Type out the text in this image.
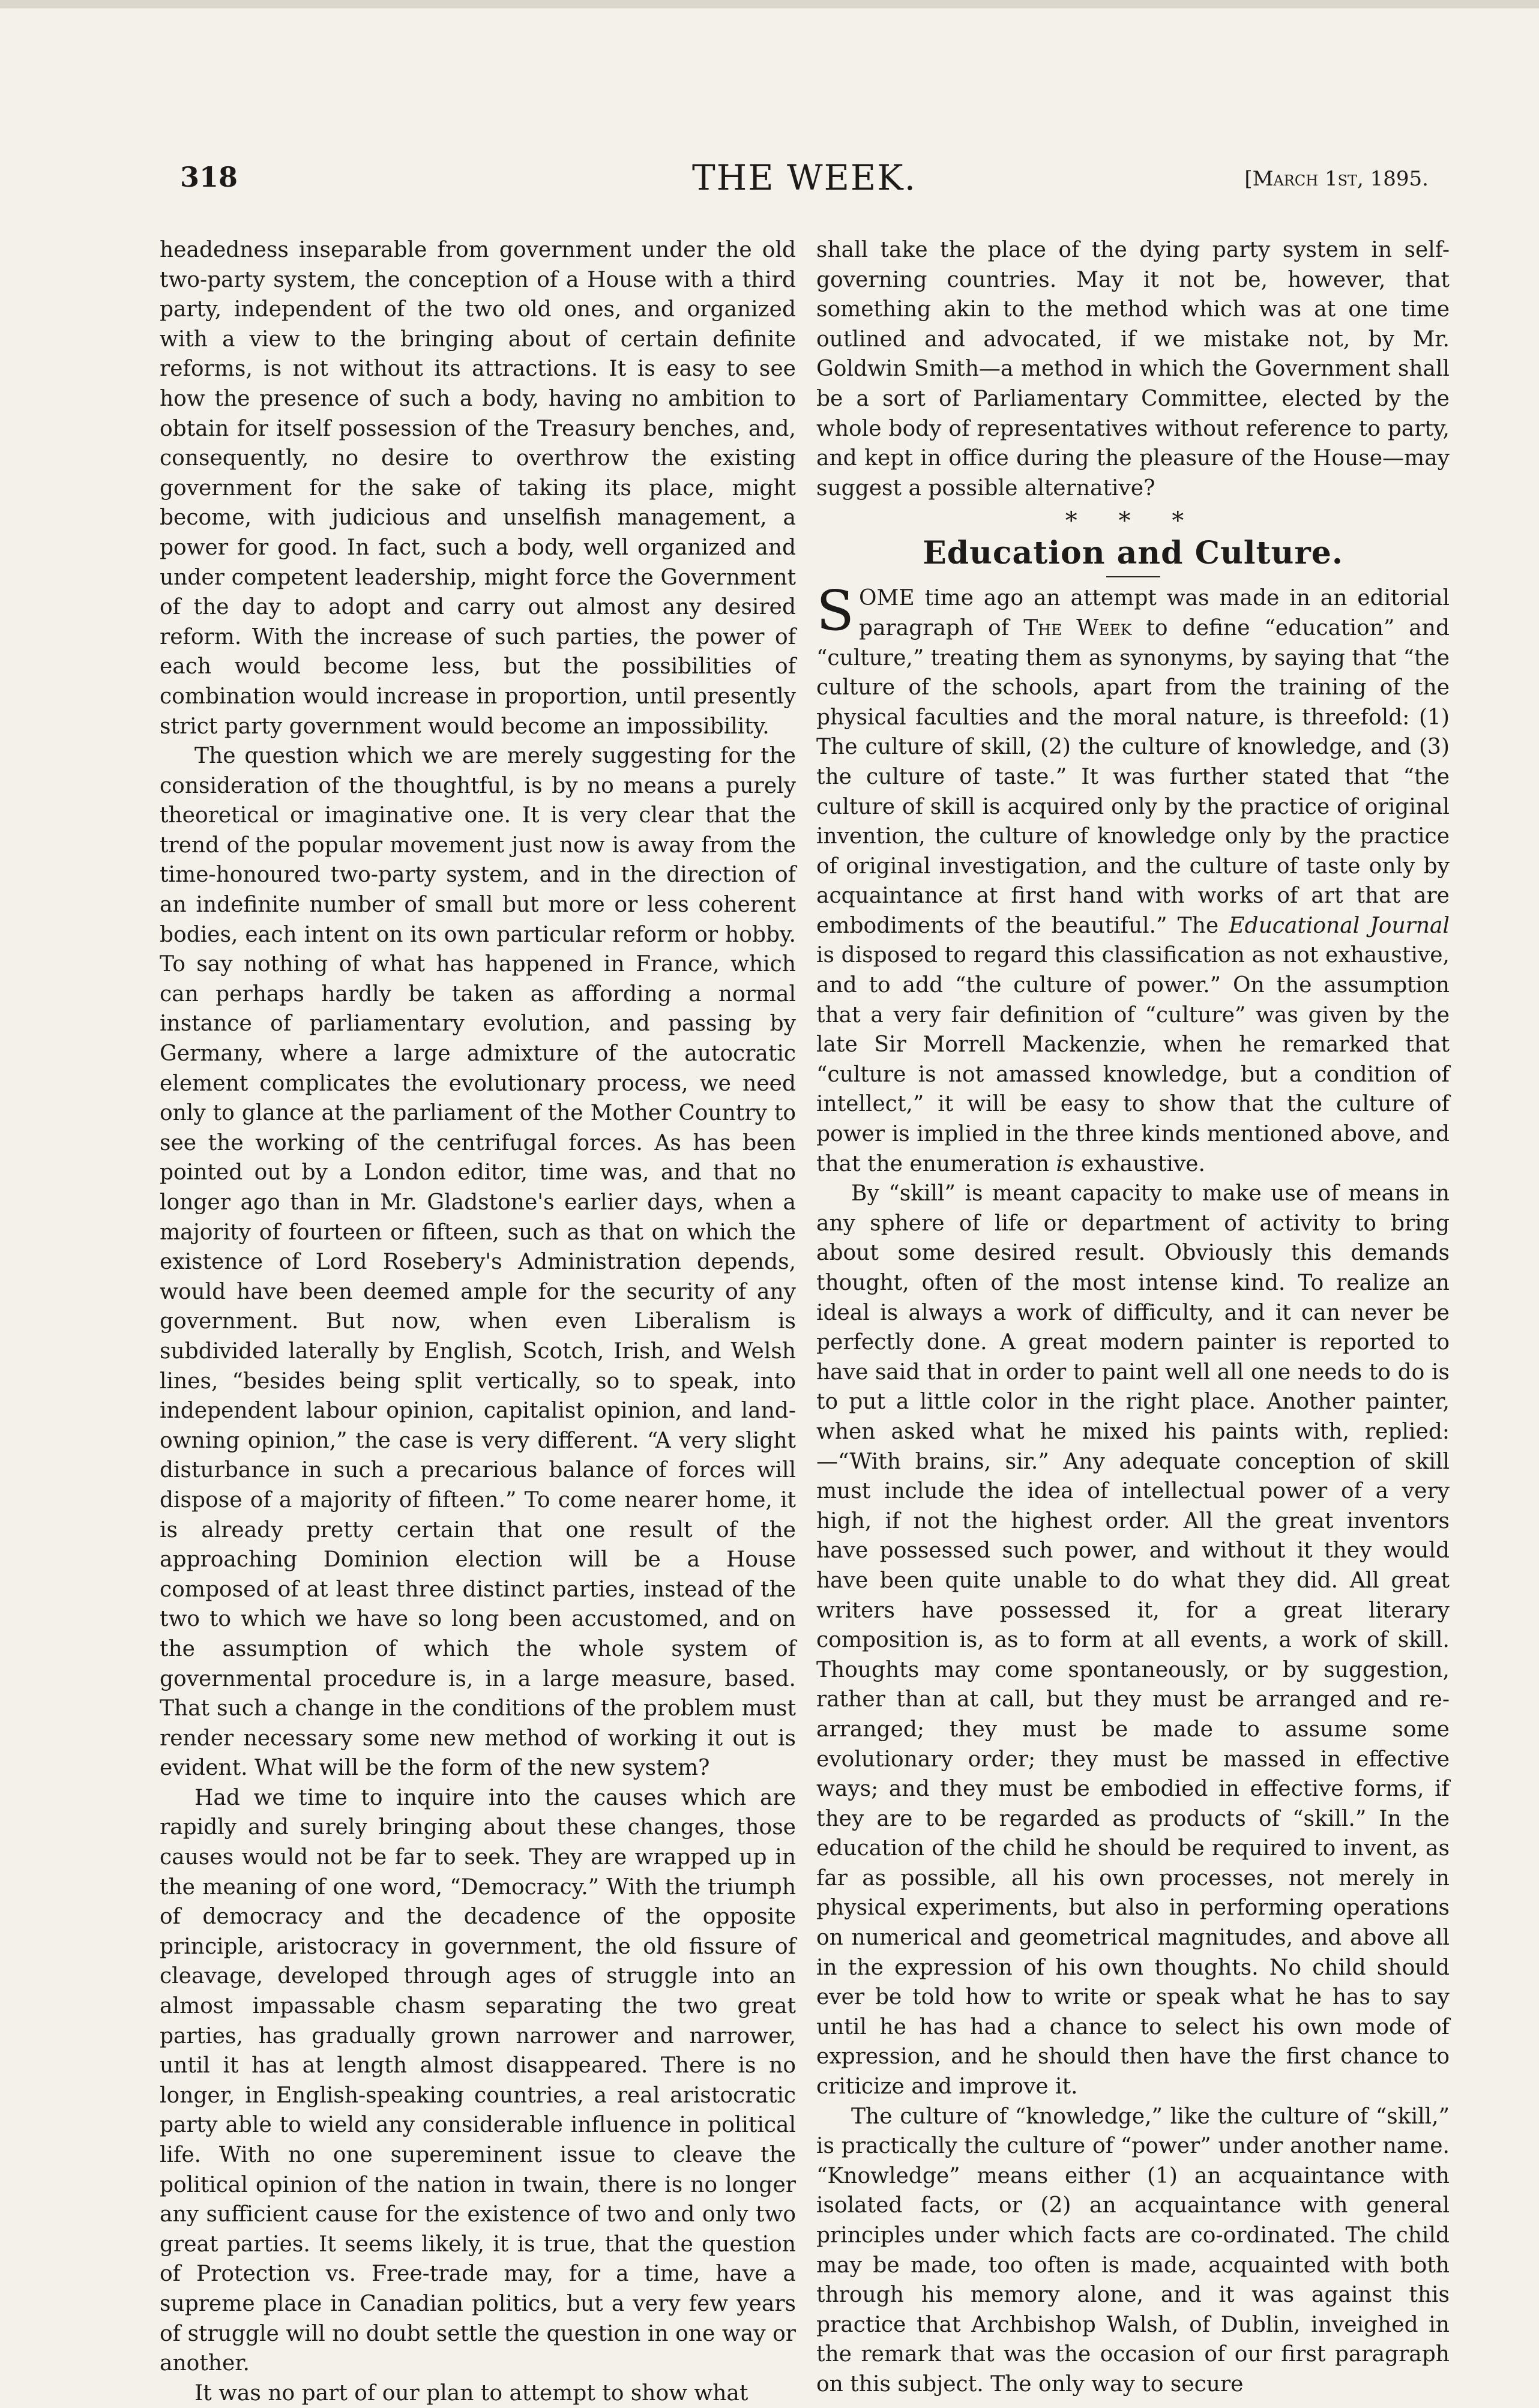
318	THE WEEK.	[March 1st, 1895.

headedness inseparable from government under the old two-party system, the conception of a House with a third party, independent of the two old ones, and organized with a view to the bringing about of certain definite reforms, is not without its attractions. It is easy to see how the presence of such a body, having no ambition to obtain for itself possession of the Treasury benches, and, consequently, no desire to overthrow the existing government for the sake of taking its place, might become, with judicious and unselfish management, a power for good. In fact, such a body, well organized and under competent leadership, might force the Government of the day to adopt and carry out almost any desired reform. With the increase of such parties, the power of each would become less, but the possibilities of combination would increase in proportion, until presently strict party government would become an impossibility.

The question which we are merely suggesting for the consideration of the thoughtful, is by no means a purely theoretical or imaginative one. It is very clear that the trend of the popular movement just now is away from the time-honoured two-party system, and in the direction of an indefinite number of small but more or less coherent bodies, each intent on its own particular reform or hobby. To say nothing of what has happened in France, which can perhaps hardly be taken as affording a normal instance of parliamentary evolution, and passing by Germany, where a large admixture of the autocratic element complicates the evolutionary process, we need only to glance at the parliament of the Mother Country to see the working of the centrifugal forces. As has been pointed out by a London editor, time was, and that no longer ago than in Mr. Gladstone's earlier days, when a majority of fourteen or fifteen, such as that on which the existence of Lord Rosebery's Administration depends, would have been deemed ample for the security of any government. But now, when even Liberalism is subdivided laterally by English, Scotch, Irish, and Welsh lines, “besides being split vertically, so to speak, into independent labour opinion, capitalist opinion, and land-owning opinion,” the case is very different. “A very slight disturbance in such a precarious balance of forces will dispose of a majority of fifteen.” To come nearer home, it is already pretty certain that one result of the approaching Dominion election will be a House composed of at least three distinct parties, instead of the two to which we have so long been accustomed, and on the assumption of which the whole system of governmental procedure is, in a large measure, based. That such a change in the conditions of the problem must render necessary some new method of working it out is evident. What will be the form of the new system?

Had we time to inquire into the causes which are rapidly and surely bringing about these changes, those causes would not be far to seek. They are wrapped up in the meaning of one word, “Democracy.” With the triumph of democracy and the decadence of the opposite principle, aristocracy in government, the old fissure of cleavage, developed through ages of struggle into an almost impassable chasm separating the two great parties, has gradually grown narrower and narrower, until it has at length almost disappeared. There is no longer, in English-speaking countries, a real aristocratic party able to wield any considerable influence in political life. With no one supereminent issue to cleave the political opinion of the nation in twain, there is no longer any sufficient cause for the existence of two and only two great parties. It seems likely, it is true, that the question of Protection vs. Free-trade may, for a time, have a supreme place in Canadian politics, but a very few years of struggle will no doubt settle the question in one way or another.

It was no part of our plan to attempt to show what

shall take the place of the dying party system in self-governing countries. May it not be, however, that something akin to the method which was at one time outlined and advocated, if we mistake not, by Mr. Goldwin Smith—a method in which the Government shall be a sort of Parliamentary Committee, elected by the whole body of representatives without reference to party, and kept in office during the pleasure of the House—may suggest a possible alternative?

* * *
Education and Culture.

SOME time ago an attempt was made in an editorial paragraph of The Week to define “education” and “culture,” treating them as synonyms, by saying that “the culture of the schools, apart from the training of the physical faculties and the moral nature, is threefold: (1) The culture of skill, (2) the culture of knowledge, and (3) the culture of taste.” It was further stated that “the culture of skill is acquired only by the practice of original invention, the culture of knowledge only by the practice of original investigation, and the culture of taste only by acquaintance at first hand with works of art that are embodiments of the beautiful.” The Educational Journal is disposed to regard this classification as not exhaustive, and to add “the culture of power.” On the assumption that a very fair definition of “culture” was given by the late Sir Morrell Mackenzie, when he remarked that “culture is not amassed knowledge, but a condition of intellect,” it will be easy to show that the culture of power is implied in the three kinds mentioned above, and that the enumeration is exhaustive.

By “skill” is meant capacity to make use of means in any sphere of life or department of activity to bring about some desired result. Obviously this demands thought, often of the most intense kind. To realize an ideal is always a work of difficulty, and it can never be perfectly done. A great modern painter is reported to have said that in order to paint well all one needs to do is to put a little color in the right place. Another painter, when asked what he mixed his paints with, replied:—“With brains, sir.” Any adequate conception of skill must include the idea of intellectual power of a very high, if not the highest order. All the great inventors have possessed such power, and without it they would have been quite unable to do what they did. All great writers have possessed it, for a great literary composition is, as to form at all events, a work of skill. Thoughts may come spontaneously, or by suggestion, rather than at call, but they must be arranged and re-arranged; they must be made to assume some evolutionary order; they must be massed in effective ways; and they must be embodied in effective forms, if they are to be regarded as products of “skill.” In the education of the child he should be required to invent, as far as possible, all his own processes, not merely in physical experiments, but also in performing operations on numerical and geometrical magnitudes, and above all in the expression of his own thoughts. No child should ever be told how to write or speak what he has to say until he has had a chance to select his own mode of expression, and he should then have the first chance to criticize and improve it.

The culture of “knowledge,” like the culture of “skill,” is practically the culture of “power” under another name. “Knowledge” means either (1) an acquaintance with isolated facts, or (2) an acquaintance with general principles under which facts are co-ordinated. The child may be made, too often is made, acquainted with both through his memory alone, and it was against this practice that Archbishop Walsh, of Dublin, inveighed in the remark that was the occasion of our first paragraph on this subject. The only way to secure
